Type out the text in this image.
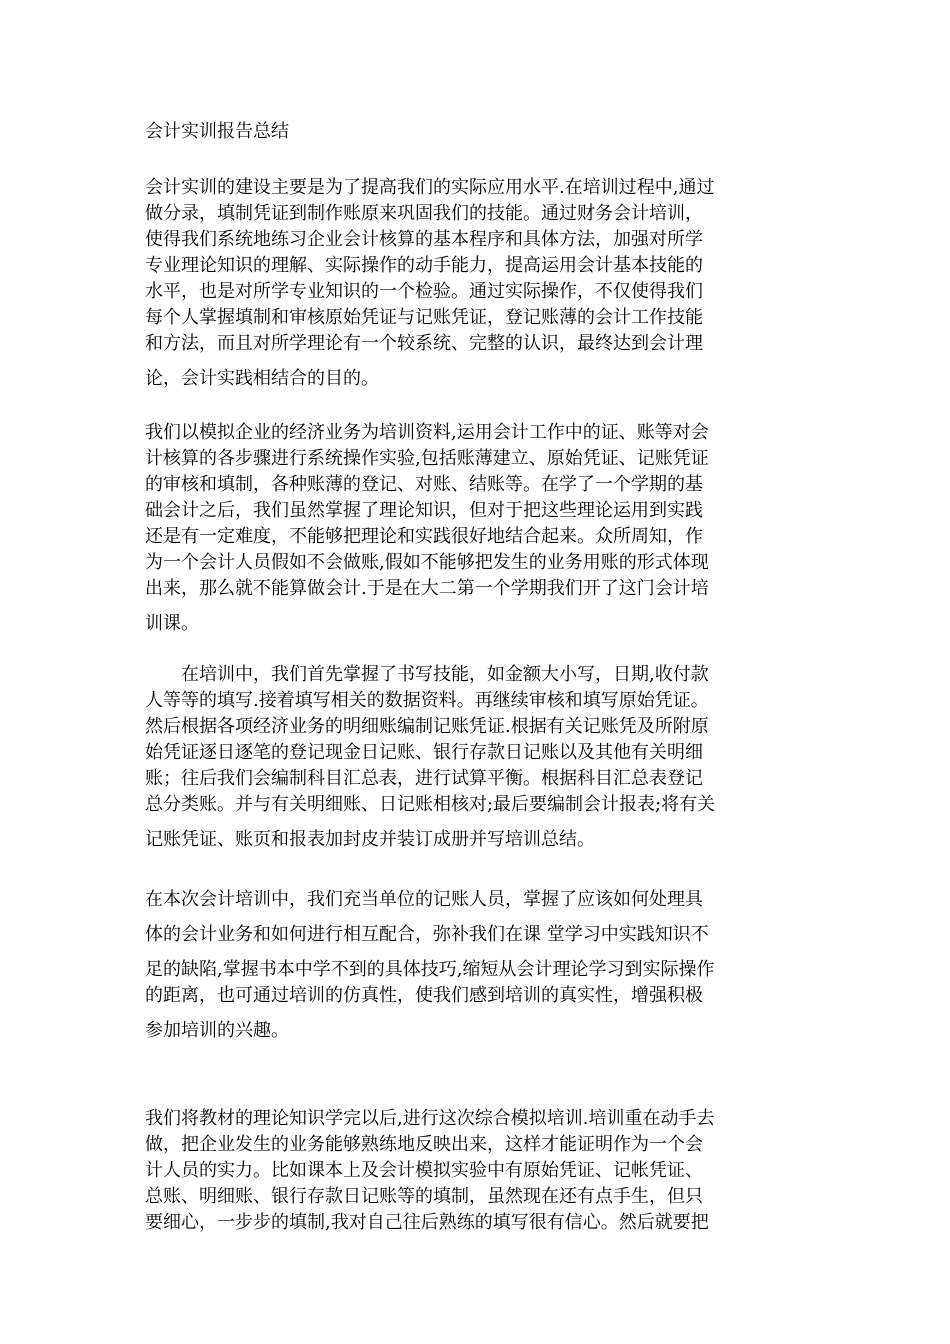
会计实训报告总结
会计实训的建设主要是为了提高我们的实际应用水平.在培训过程中,通过
做分录，填制凭证到制作账原来巩固我们的技能。通过财务会计培训，
使得我们系统地练习企业会计核算的基本程序和具体方法，加强对所学
专业理论知识的理解、实际操作的动手能力，提高运用会计基本技能的
水平，也是对所学专业知识的一个检验。通过实际操作，不仅使得我们
每个人掌握填制和审核原始凭证与记账凭证，登记账薄的会计工作技能
和方法，而且对所学理论有一个较系统、完整的认识，最终达到会计理
论，会计实践相结合的目的。
我们以模拟企业的经济业务为培训资料,运用会计工作中的证、账等对会
计核算的各步骤进行系统操作实验,包括账薄建立、原始凭证、记账凭证
的审核和填制，各种账薄的登记、对账、结账等。在学了一个学期的基
础会计之后，我们虽然掌握了理论知识，但对于把这些理论运用到实践
还是有一定难度，不能够把理论和实践很好地结合起来。众所周知，作
为一个会计人员假如不会做账,假如不能够把发生的业务用账的形式体现
出来，那么就不能算做会计.于是在大二第一个学期我们开了这门会计培
训课。
　　在培训中，我们首先掌握了书写技能，如金额大小写，日期,收付款
人等等的填写.接着填写相关的数据资料。再继续审核和填写原始凭证。
然后根据各项经济业务的明细账编制记账凭证.根据有关记账凭及所附原
始凭证逐日逐笔的登记现金日记账、银行存款日记账以及其他有关明细
账；往后我们会编制科目汇总表，进行试算平衡。根据科目汇总表登记
总分类账。并与有关明细账、日记账相核对;最后要编制会计报表;将有关
记账凭证、账页和报表加封皮并装订成册并写培训总结。
在本次会计培训中，我们充当单位的记账人员，掌握了应该如何处理具
体的会计业务和如何进行相互配合，弥补我们在课 堂学习中实践知识不
足的缺陷,掌握书本中学不到的具体技巧,缩短从会计理论学习到实际操作
的距离，也可通过培训的仿真性，使我们感到培训的真实性，增强积极
参加培训的兴趣。
我们将教材的理论知识学完以后,进行这次综合模拟培训.培训重在动手去
做，把企业发生的业务能够熟练地反映出来，这样才能证明作为一个会
计人员的实力。比如课本上及会计模拟实验中有原始凭证、记帐凭证、
总账、明细账、银行存款日记账等的填制，虽然现在还有点手生，但只
要细心，一步步的填制,我对自己往后熟练的填写很有信心。然后就要把
